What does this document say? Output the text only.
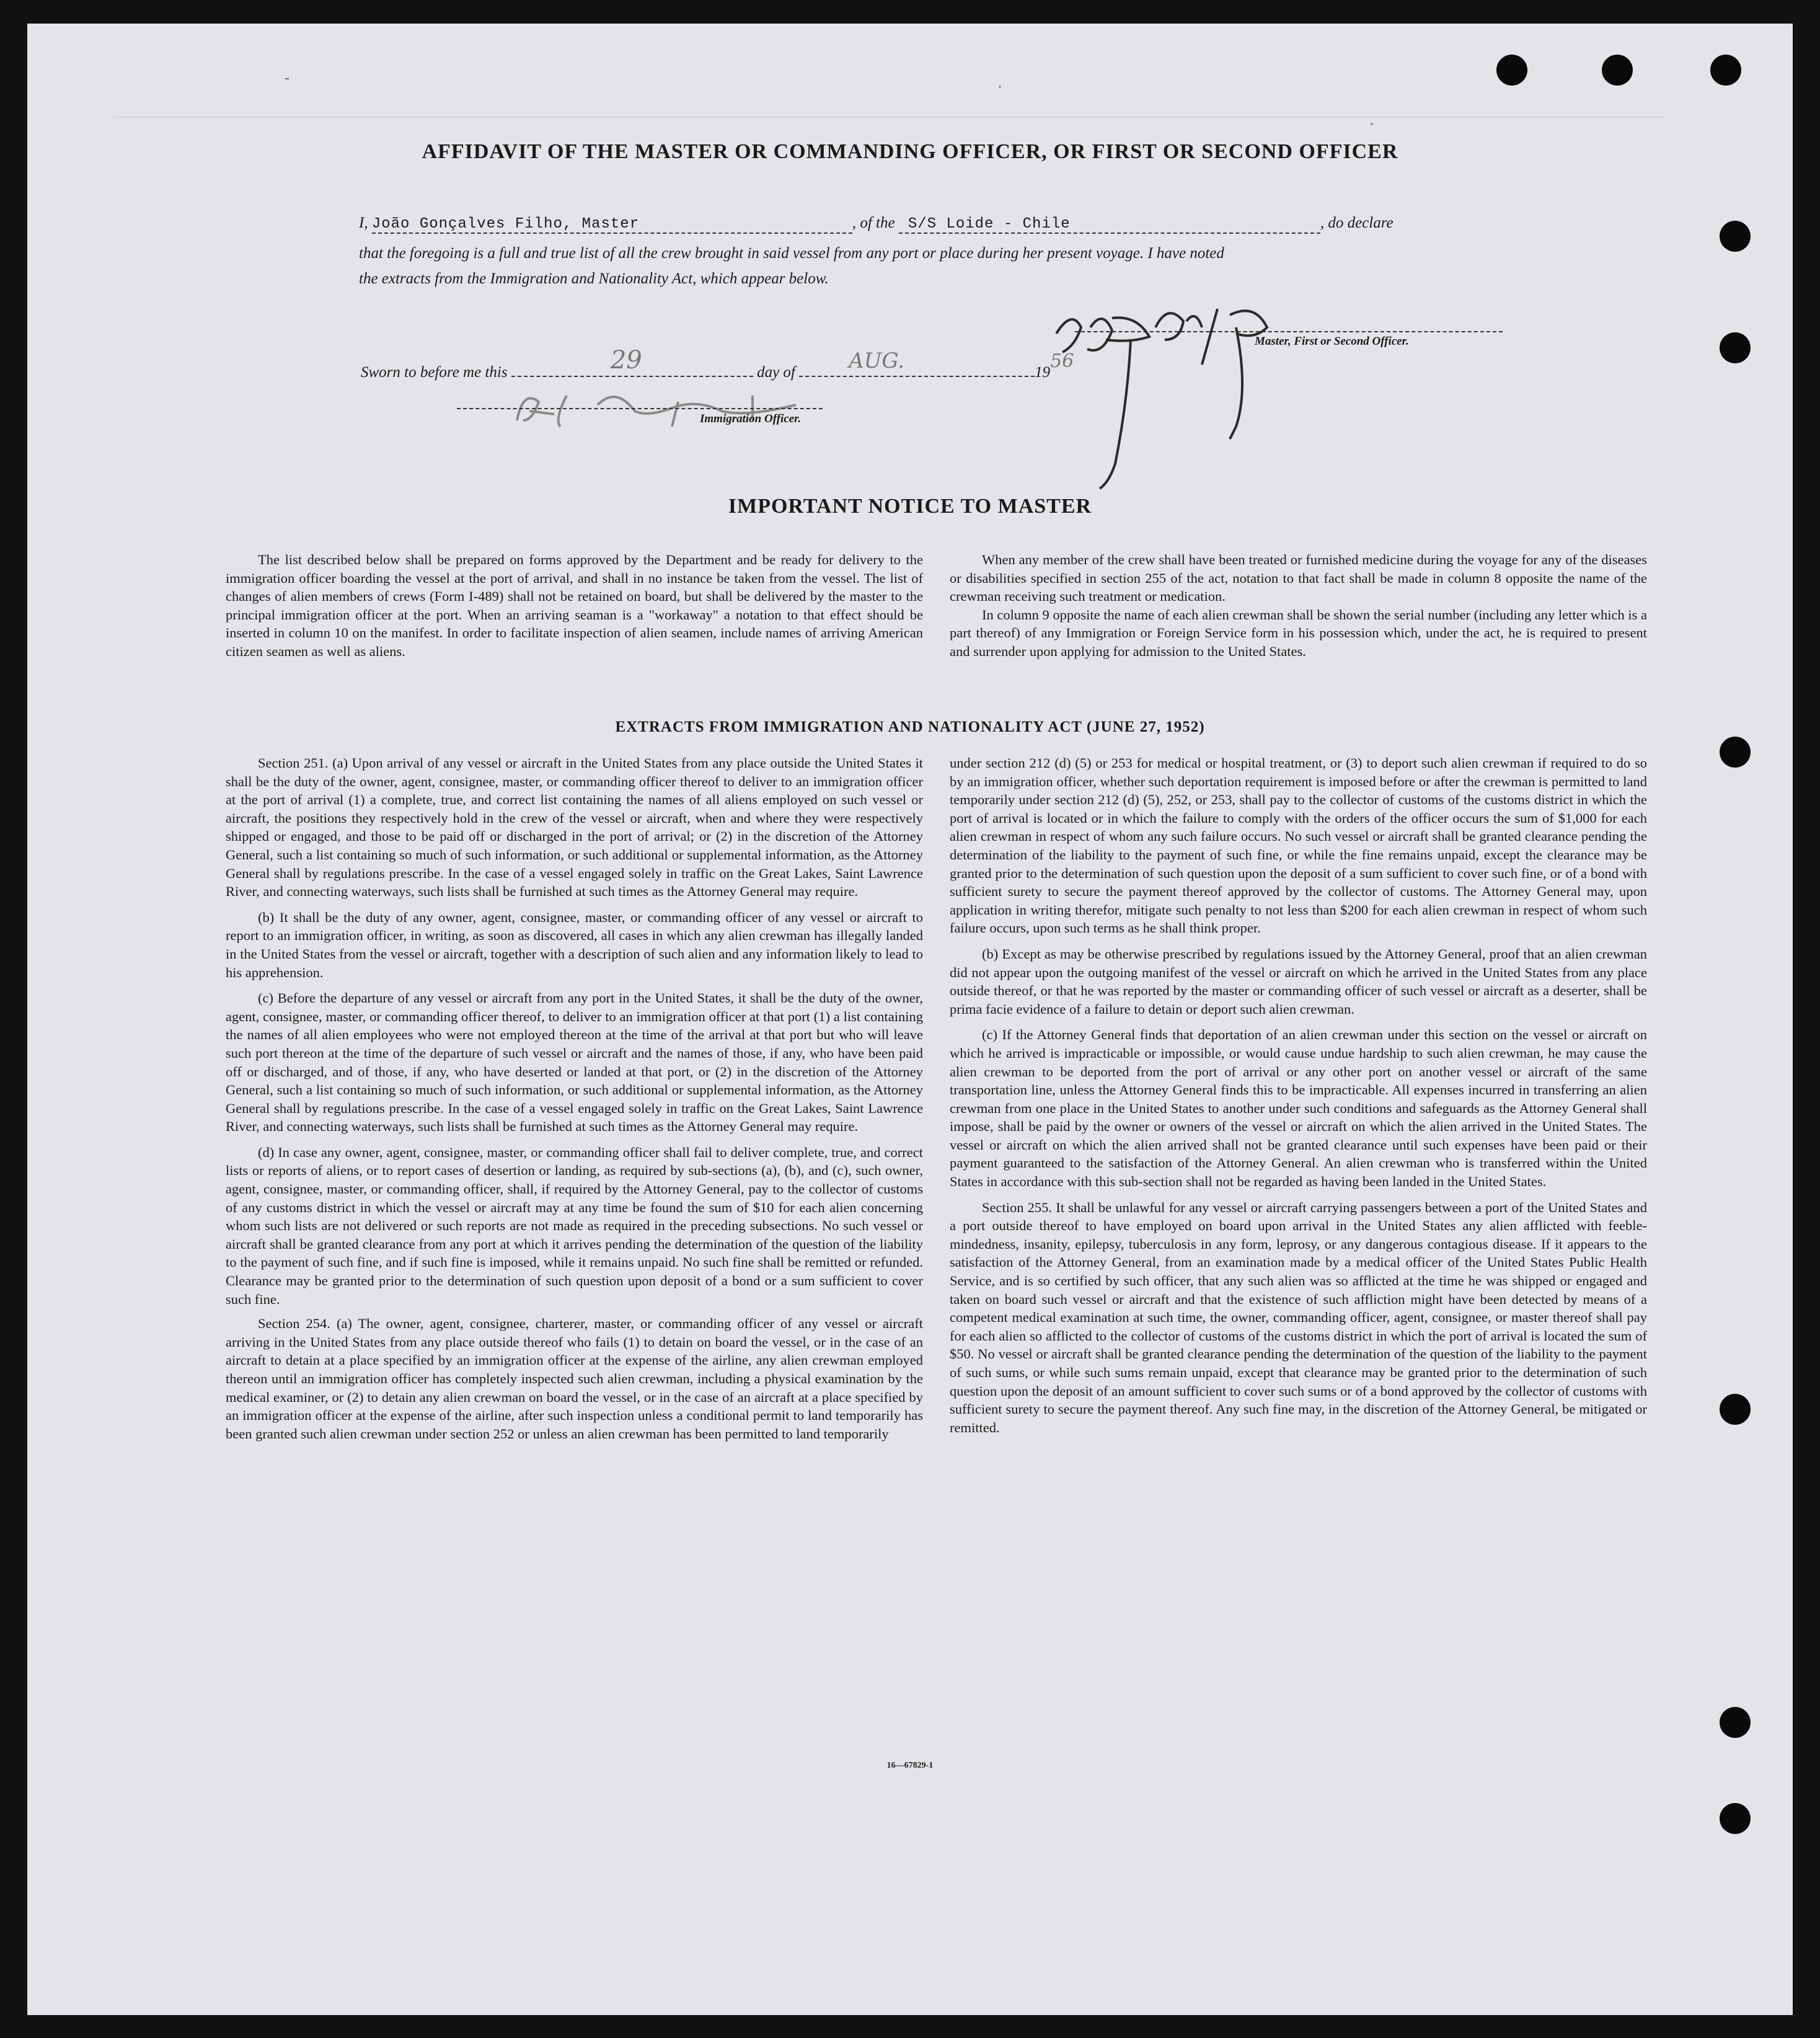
-
·
·
AFFIDAVIT OF THE MASTER OR COMMANDING OFFICER, OR FIRST OR SECOND OFFICER
I, João Gonçalves Filho, Master	, of the S/S Loide - Chile	, do declare
that the foregoing is a full and true list of all the crew brought in said vessel from any port or place during her present voyage. I have noted
the extracts from the Immigration and Nationality Act, which appear below.
Master, First or Second Officer.
Sworn to before me this	29	day of	AUG.	1956
Immigration Officer.
IMPORTANT NOTICE TO MASTER

The list described below shall be prepared on forms approved by the Department and be ready for delivery to the immigration officer boarding the vessel at the port of arrival, and shall in no instance be taken from the vessel. The list of changes of alien members of crews (Form I-489) shall not be retained on board, but shall be delivered by the master to the principal immigration officer at the port. When an arriving seaman is a "workaway" a notation to that effect should be inserted in column 10 on the manifest. In order to facilitate inspection of alien seamen, include names of arriving American citizen seamen as well as aliens.

When any member of the crew shall have been treated or furnished medicine during the voyage for any of the diseases or disabilities specified in section 255 of the act, notation to that fact shall be made in column 8 opposite the name of the crewman receiving such treatment or medication.

In column 9 opposite the name of each alien crewman shall be shown the serial number (including any letter which is a part thereof) of any Immigration or Foreign Service form in his possession which, under the act, he is required to present and surrender upon applying for admission to the United States.

EXTRACTS FROM IMMIGRATION AND NATIONALITY ACT (JUNE 27, 1952)

Section 251. (a) Upon arrival of any vessel or aircraft in the United States from any place outside the United States it shall be the duty of the owner, agent, consignee, master, or commanding officer thereof to deliver to an immigration officer at the port of arrival (1) a complete, true, and correct list containing the names of all aliens employed on such vessel or aircraft, the positions they respectively hold in the crew of the vessel or aircraft, when and where they were respectively shipped or engaged, and those to be paid off or discharged in the port of arrival; or (2) in the discretion of the Attorney General, such a list containing so much of such information, or such additional or supplemental information, as the Attorney General shall by regulations prescribe. In the case of a vessel engaged solely in traffic on the Great Lakes, Saint Lawrence River, and connecting waterways, such lists shall be furnished at such times as the Attorney General may require.

(b) It shall be the duty of any owner, agent, consignee, master, or commanding officer of any vessel or aircraft to report to an immigration officer, in writing, as soon as discovered, all cases in which any alien crewman has illegally landed in the United States from the vessel or aircraft, together with a description of such alien and any information likely to lead to his apprehension.

(c) Before the departure of any vessel or aircraft from any port in the United States, it shall be the duty of the owner, agent, consignee, master, or commanding officer thereof, to deliver to an immigration officer at that port (1) a list containing the names of all alien employees who were not employed thereon at the time of the arrival at that port but who will leave such port thereon at the time of the departure of such vessel or aircraft and the names of those, if any, who have been paid off or discharged, and of those, if any, who have deserted or landed at that port, or (2) in the discretion of the Attorney General, such a list containing so much of such information, or such additional or supplemental information, as the Attorney General shall by regulations prescribe. In the case of a vessel engaged solely in traffic on the Great Lakes, Saint Lawrence River, and connecting waterways, such lists shall be furnished at such times as the Attorney General may require.

(d) In case any owner, agent, consignee, master, or commanding officer shall fail to deliver complete, true, and correct lists or reports of aliens, or to report cases of desertion or landing, as required by sub-sections (a), (b), and (c), such owner, agent, consignee, master, or commanding officer, shall, if required by the Attorney General, pay to the collector of customs of any customs district in which the vessel or aircraft may at any time be found the sum of $10 for each alien concerning whom such lists are not delivered or such reports are not made as required in the preceding subsections. No such vessel or aircraft shall be granted clearance from any port at which it arrives pending the determination of the question of the liability to the payment of such fine, and if such fine is imposed, while it remains unpaid. No such fine shall be remitted or refunded. Clearance may be granted prior to the determination of such question upon deposit of a bond or a sum sufficient to cover such fine.

Section 254. (a) The owner, agent, consignee, charterer, master, or commanding officer of any vessel or aircraft arriving in the United States from any place outside thereof who fails (1) to detain on board the vessel, or in the case of an aircraft to detain at a place specified by an immigration officer at the expense of the airline, any alien crewman employed thereon until an immigration officer has completely inspected such alien crewman, including a physical examination by the medical examiner, or (2) to detain any alien crewman on board the vessel, or in the case of an aircraft at a place specified by an immigration officer at the expense of the airline, after such inspection unless a conditional permit to land temporarily has been granted such alien crewman under section 252 or unless an alien crewman has been permitted to land temporarily

under section 212 (d) (5) or 253 for medical or hospital treatment, or (3) to deport such alien crewman if required to do so by an immigration officer, whether such deportation requirement is imposed before or after the crewman is permitted to land temporarily under section 212 (d) (5), 252, or 253, shall pay to the collector of customs of the customs district in which the port of arrival is located or in which the failure to comply with the orders of the officer occurs the sum of $1,000 for each alien crewman in respect of whom any such failure occurs. No such vessel or aircraft shall be granted clearance pending the determination of the liability to the payment of such fine, or while the fine remains unpaid, except the clearance may be granted prior to the determination of such question upon the deposit of a sum sufficient to cover such fine, or of a bond with sufficient surety to secure the payment thereof approved by the collector of customs. The Attorney General may, upon application in writing therefor, mitigate such penalty to not less than $200 for each alien crewman in respect of whom such failure occurs, upon such terms as he shall think proper.

(b) Except as may be otherwise prescribed by regulations issued by the Attorney General, proof that an alien crewman did not appear upon the outgoing manifest of the vessel or aircraft on which he arrived in the United States from any place outside thereof, or that he was reported by the master or commanding officer of such vessel or aircraft as a deserter, shall be prima facie evidence of a failure to detain or deport such alien crewman.

(c) If the Attorney General finds that deportation of an alien crewman under this section on the vessel or aircraft on which he arrived is impracticable or impossible, or would cause undue hardship to such alien crewman, he may cause the alien crewman to be deported from the port of arrival or any other port on another vessel or aircraft of the same transportation line, unless the Attorney General finds this to be impracticable. All expenses incurred in transferring an alien crewman from one place in the United States to another under such conditions and safeguards as the Attorney General shall impose, shall be paid by the owner or owners of the vessel or aircraft on which the alien arrived in the United States. The vessel or aircraft on which the alien arrived shall not be granted clearance until such expenses have been paid or their payment guaranteed to the satisfaction of the Attorney General. An alien crewman who is transferred within the United States in accordance with this sub-section shall not be regarded as having been landed in the United States.

Section 255. It shall be unlawful for any vessel or aircraft carrying passengers between a port of the United States and a port outside thereof to have employed on board upon arrival in the United States any alien afflicted with feeble-mindedness, insanity, epilepsy, tuberculosis in any form, leprosy, or any dangerous contagious disease. If it appears to the satisfaction of the Attorney General, from an examination made by a medical officer of the United States Public Health Service, and is so certified by such officer, that any such alien was so afflicted at the time he was shipped or engaged and taken on board such vessel or aircraft and that the existence of such affliction might have been detected by means of a competent medical examination at such time, the owner, commanding officer, agent, consignee, or master thereof shall pay for each alien so afflicted to the collector of customs of the customs district in which the port of arrival is located the sum of $50. No vessel or aircraft shall be granted clearance pending the determination of the question of the liability to the payment of such sums, or while such sums remain unpaid, except that clearance may be granted prior to the determination of such question upon the deposit of an amount sufficient to cover such sums or of a bond approved by the collector of customs with sufficient surety to secure the payment thereof. Any such fine may, in the discretion of the Attorney General, be mitigated or remitted.

16—67829-1
